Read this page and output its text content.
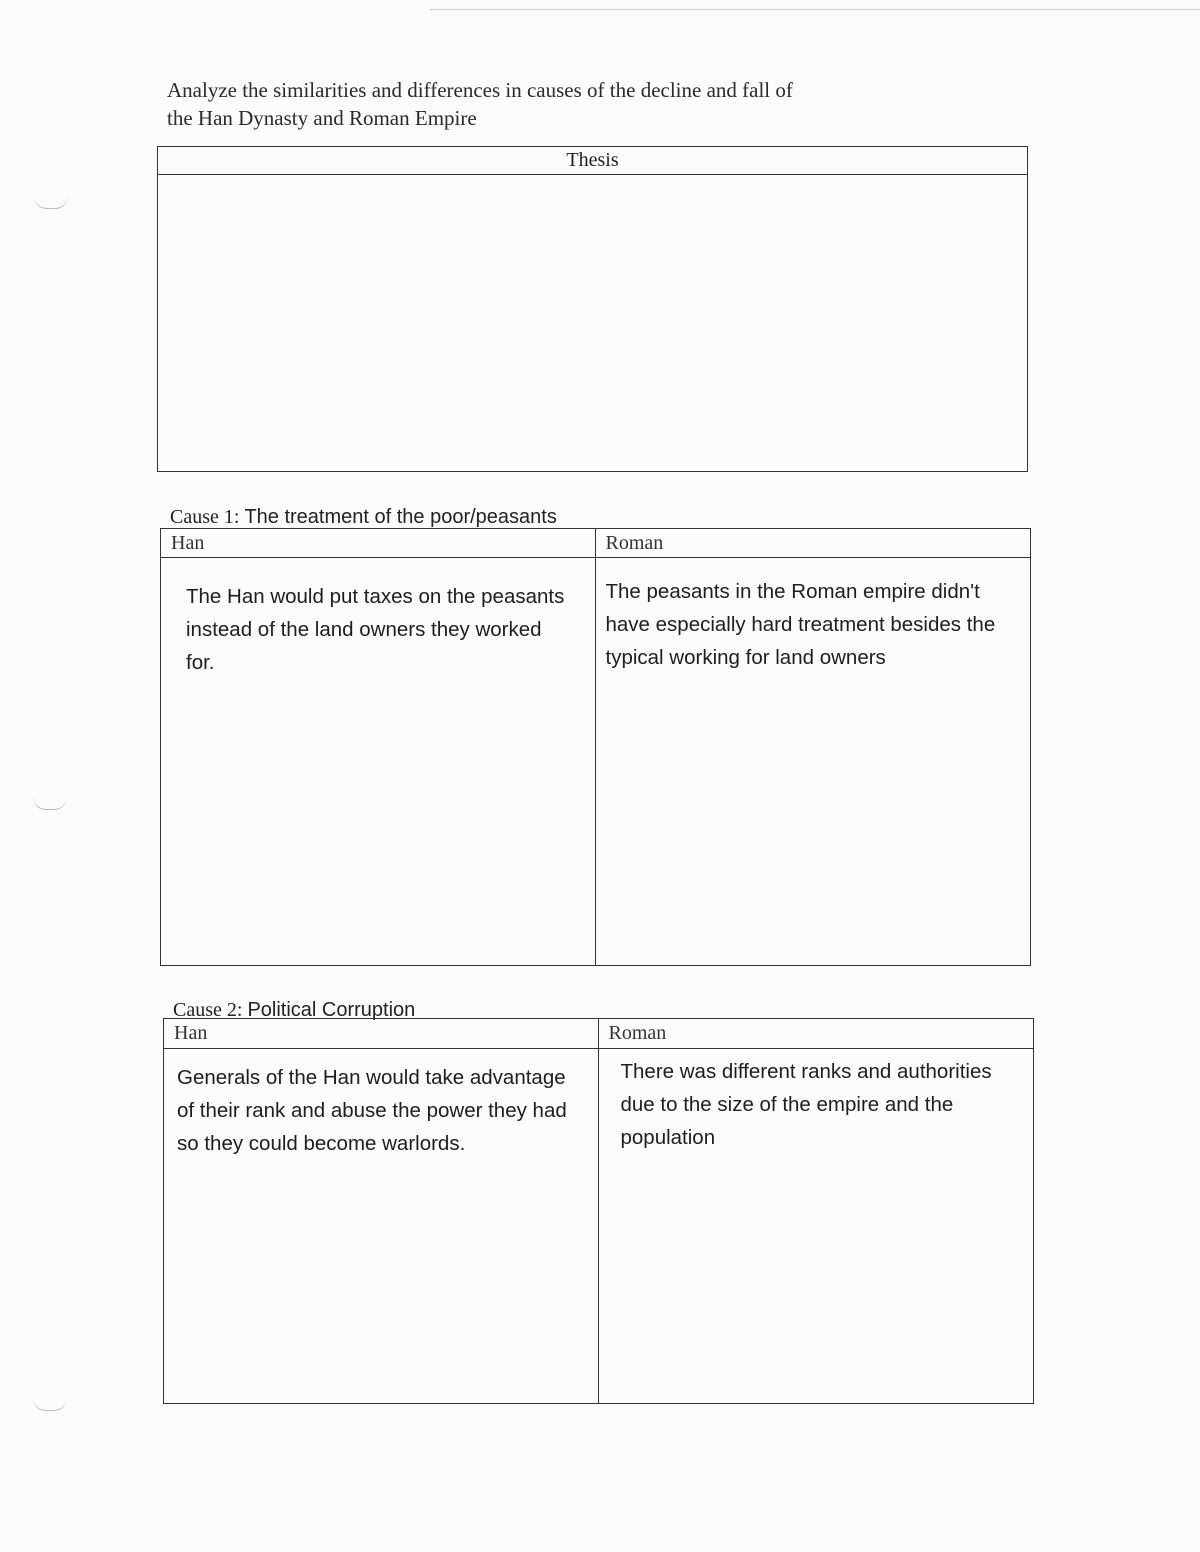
Analyze the similarities and differences in causes of the decline and fall of
the Han Dynasty and Roman Empire
Thesis
Cause 1: The treatment of the poor/peasants
Han	Roman
The Han would put taxes on the peasants instead of the land owners they worked for.
The peasants in the Roman empire didn't have especially hard treatment besides the typical working for land owners
Cause 2: Political Corruption
Han	Roman
Generals of the Han would take advantage of their rank and abuse the power they had so they could become warlords.
There was different ranks and authorities due to the size of the empire and the population
